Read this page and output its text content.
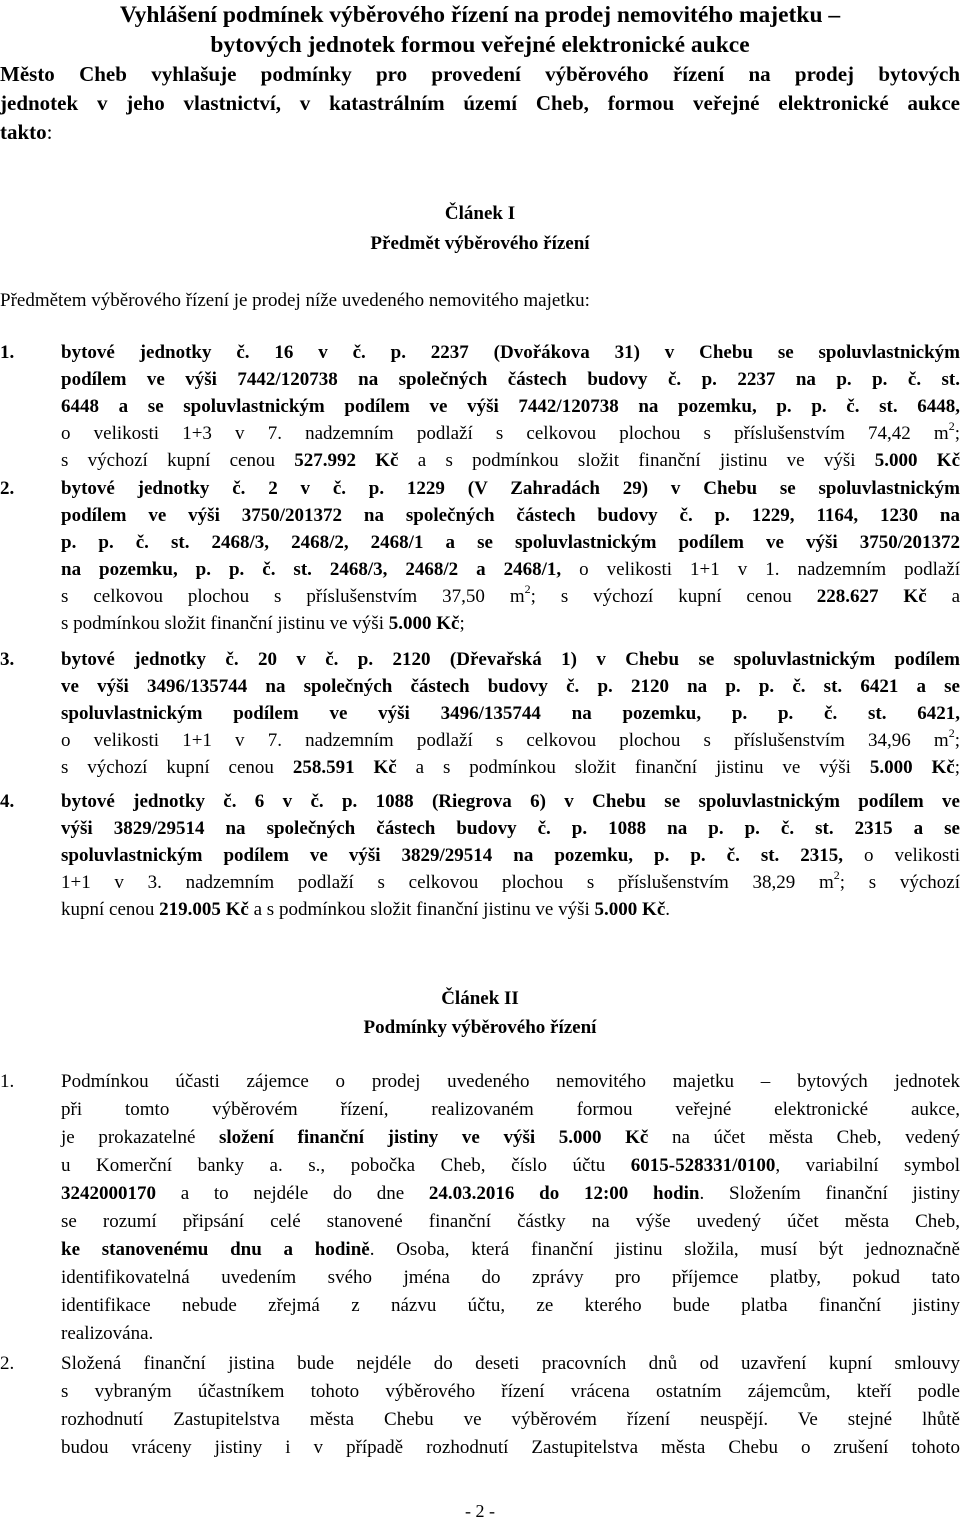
Vyhlášení podmínek výběrového řízení na prodej nemovitého majetku –
bytových jednotek formou veřejné elektronické aukce
Město Cheb vyhlašuje podmínky pro provedení výběrového řízení na prodej bytových
jednotek v jeho vlastnictví, v katastrálním území Cheb, formou veřejné elektronické aukce
takto:
Článek I
Předmět výběrového řízení
Předmětem výběrového řízení je prodej níže uvedeného nemovitého majetku:
1. bytové jednotky č. 16 v č. p. 2237 (Dvořákova 31) v Chebu se spoluvlastnickým
podílem ve výši 7442/120738 na společných částech budovy č. p. 2237 na p. p. č. st.
6448 a se spoluvlastnickým podílem ve výši 7442/120738 na pozemku, p. p. č. st. 6448,
o velikosti 1+3 v 7. nadzemním podlaží s celkovou plochou s příslušenstvím 74,42 $m^2$;
s výchozí kupní cenou 527.992 Kč a s podmínkou složit finanční jistinu ve výši 5.000 Kč
2. bytové jednotky č. 2 v č. p. 1229 (V Zahradách 29) v Chebu se spoluvlastnickým
podílem ve výši 3750/201372 na společných částech budovy č. p. 1229, 1164, 1230 na
p. p. č. st. 2468/3, 2468/2, 2468/1 a se spoluvlastnickým podílem ve výši 3750/201372
na pozemku, p. p. č. st. 2468/3, 2468/2 a 2468/1, o velikosti 1+1 v 1. nadzemním podlaží
s celkovou plochou s příslušenstvím 37,50 $m^2$; s výchozí kupní cenou 228.627 Kč a
s podmínkou složit finanční jistinu ve výši 5.000 Kč;
3. bytové jednotky č. 20 v č. p. 2120 (Dřevařská 1) v Chebu se spoluvlastnickým podílem
ve výši 3496/135744 na společných částech budovy č. p. 2120 na p. p. č. st. 6421 a se
spoluvlastnickým podílem ve výši 3496/135744 na pozemku, p. p. č. st. 6421,
o velikosti 1+1 v 7. nadzemním podlaží s celkovou plochou s příslušenstvím 34,96 $m^2$;
s výchozí kupní cenou 258.591 Kč a s podmínkou složit finanční jistinu ve výši 5.000 Kč;
4. bytové jednotky č. 6 v č. p. 1088 (Riegrova 6) v Chebu se spoluvlastnickým podílem ve
výši 3829/29514 na společných částech budovy č. p. 1088 na p. p. č. st. 2315 a se
spoluvlastnickým podílem ve výši 3829/29514 na pozemku, p. p. č. st. 2315, o velikosti
1+1 v 3. nadzemním podlaží s celkovou plochou s příslušenstvím 38,29 $m^2$; s výchozí
kupní cenou 219.005 Kč a s podmínkou složit finanční jistinu ve výši 5.000 Kč.
Článek II
Podmínky výběrového řízení
1. Podmínkou účasti zájemce o prodej uvedeného nemovitého majetku – bytových jednotek
při tomto výběrovém řízení, realizovaném formou veřejné elektronické aukce,
je prokazatelné složení finanční jistiny ve výši 5.000 Kč na účet města Cheb, vedený
u Komerční banky a. s., pobočka Cheb, číslo účtu 6015-528331/0100, variabilní symbol
3242000170 a to nejdéle do dne 24.03.2016 do 12:00 hodin. Složením finanční jistiny
se rozumí připsání celé stanovené finanční částky na výše uvedený účet města Cheb,
ke stanovenému dnu a hodině. Osoba, která finanční jistinu složila, musí být jednoznačně
identifikovatelná uvedením svého jména do zprávy pro příjemce platby, pokud tato
identifikace nebude zřejmá z názvu účtu, ze kterého bude platba finanční jistiny
realizována.
2. Složená finanční jistina bude nejdéle do deseti pracovních dnů od uzavření kupní smlouvy
s vybraným účastníkem tohoto výběrového řízení vrácena ostatním zájemcům, kteří podle
rozhodnutí Zastupitelstva města Chebu ve výběrovém řízení neuspějí. Ve stejné lhůtě
budou vráceny jistiny i v případě rozhodnutí Zastupitelstva města Chebu o zrušení tohoto
- 2 -
